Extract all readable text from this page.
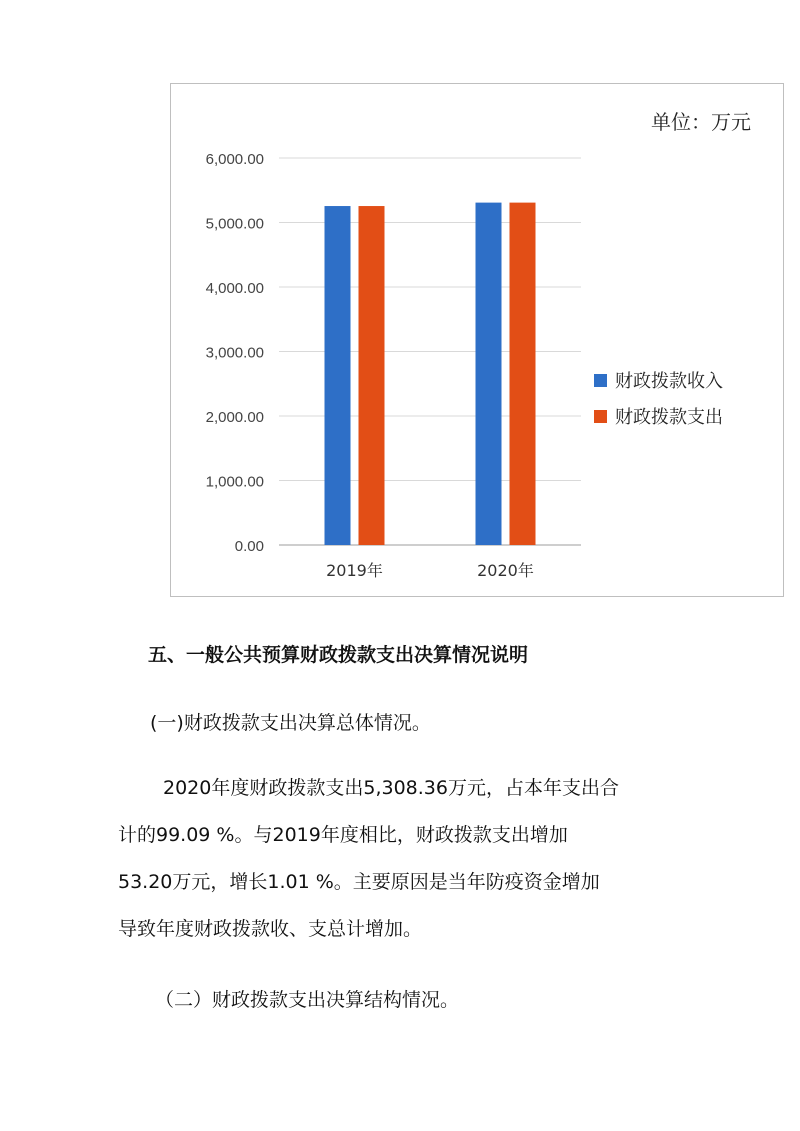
0.00
1,000.00
2,000.00
3,000.00
4,000.00
5,000.00
6,000.00
2019年	2020年
单位：万元
财政拨款收入
财政拨款支出
五、一般公共预算财政拨款支出决算情况说明
(一)财政拨款支出决算总体情况。
2020年度财政拨款支出5,308.36万元，占本年支出合
计的99.09 %。与2019年度相比，财政拨款支出增加
53.20万元，增长1.01 %。主要原因是当年防疫资金增加
导致年度财政拨款收、支总计增加。
（二）财政拨款支出决算结构情况。
